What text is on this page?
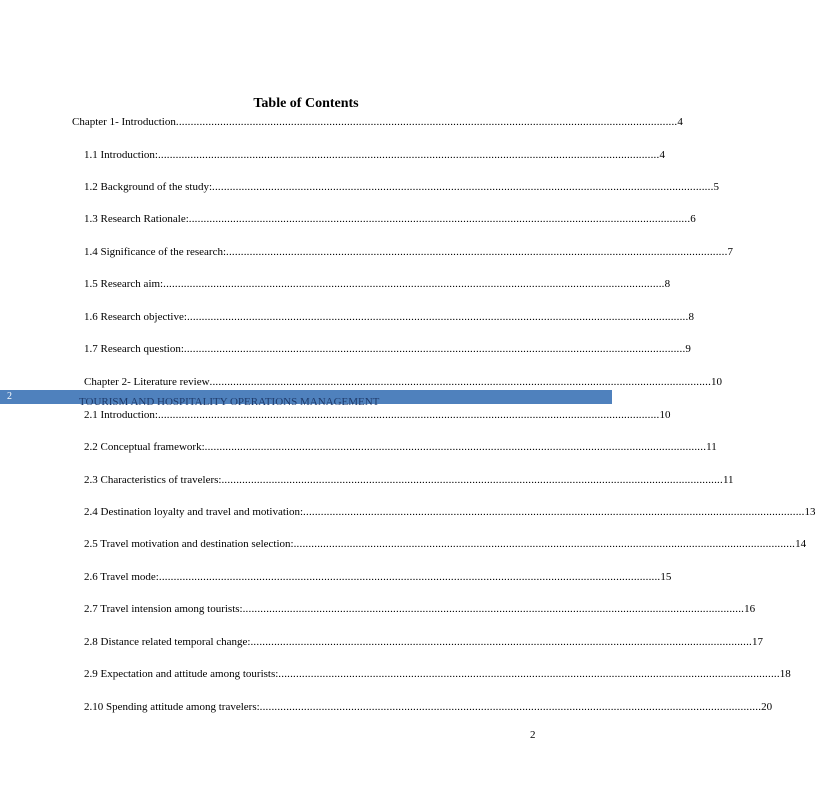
Table of Contents
Chapter 1- Introduction .......................................................................................................................................................................... 4
1.1 Introduction: .......................................................................................................................................................................... 4
1.2 Background of the study: .......................................................................................................................................................................... 5
1.3 Research Rationale: .......................................................................................................................................................................... 6
1.4 Significance of the research: .......................................................................................................................................................................... 7
1.5 Research aim: .......................................................................................................................................................................... 8
1.6 Research objective: .......................................................................................................................................................................... 8
1.7 Research question: .......................................................................................................................................................................... 9
Chapter 2- Literature review .......................................................................................................................................................................... 10
2	TOURISM AND HOSPITALITY OPERATIONS MANAGEMENT
2.1 Introduction: .......................................................................................................................................................................... 10
2.2 Conceptual framework: .......................................................................................................................................................................... 11
2.3 Characteristics of travelers: .......................................................................................................................................................................... 11
2.4 Destination loyalty and travel and motivation: .......................................................................................................................................................................... 13
2.5 Travel motivation and destination selection: .......................................................................................................................................................................... 14
2.6 Travel mode: .......................................................................................................................................................................... 15
2.7 Travel intension among tourists: .......................................................................................................................................................................... 16
2.8 Distance related temporal change: .......................................................................................................................................................................... 17
2.9 Expectation and attitude among tourists: .......................................................................................................................................................................... 18
2.10 Spending attitude among travelers: .......................................................................................................................................................................... 20
2
